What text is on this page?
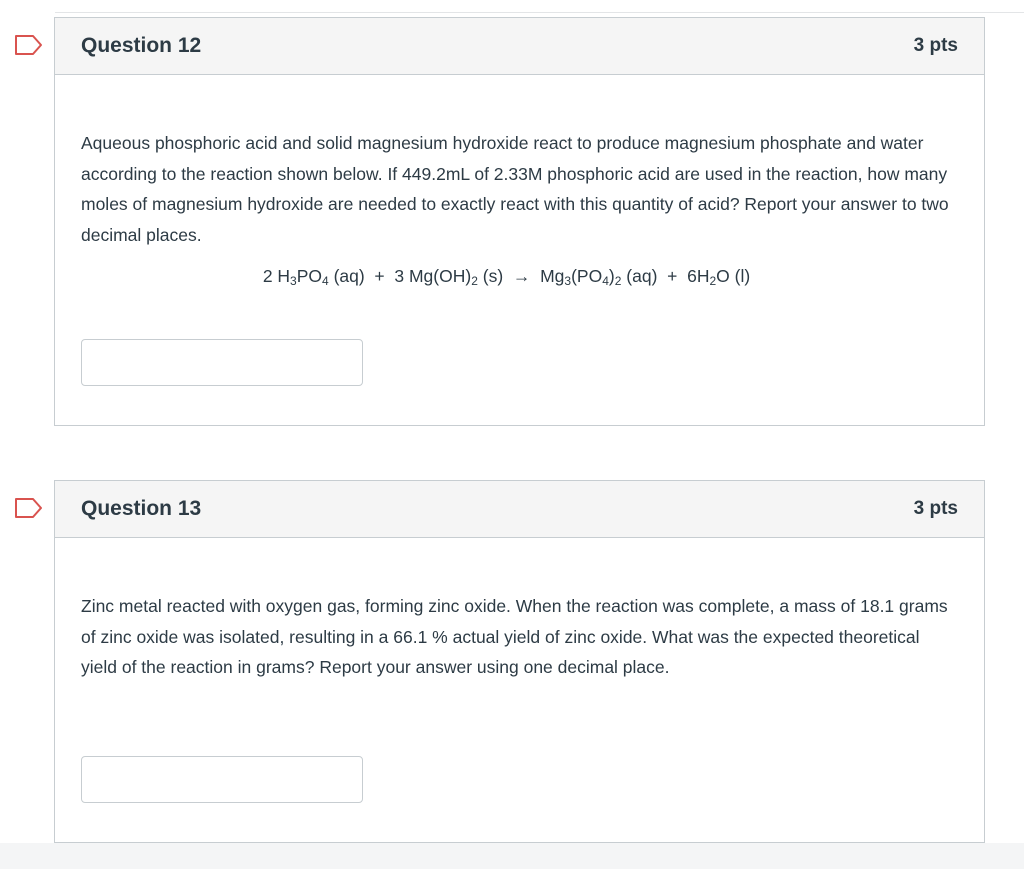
Question 12	3 pts
Aqueous phosphoric acid and solid magnesium hydroxide react to produce magnesium phosphate and water according to the reaction shown below. If 449.2mL of 2.33M phosphoric acid are used in the reaction, how many moles of magnesium hydroxide are needed to exactly react with this quantity of acid? Report your answer to two decimal places.
2 $H_3PO_4$ (aq)  +  3 $Mg(OH)_2$ $(s) \to Mg_3(PO_4)_2$ $(aq) + 6H_2O$ (l)
Question 13	3 pts
Zinc metal reacted with oxygen gas, forming zinc oxide. When the reaction was complete, a mass of 18.1 grams of zinc oxide was isolated, resulting in a 66.1 % actual yield of zinc oxide. What was the expected theoretical yield of the reaction in grams? Report your answer using one decimal place.
